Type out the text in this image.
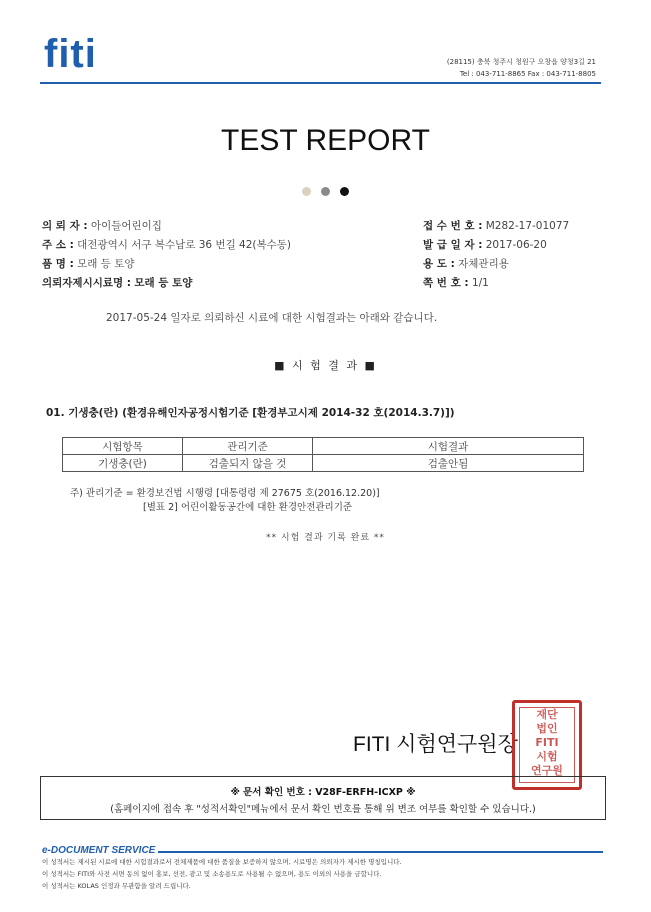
fiti	(28115) 충북 청주시 청원구 오창읍 양청3길 21
Tel : 043-711-8865 Fax : 043-711-8805
TEST REPORT
의 뢰 자 : 아이들어린이집
주 소 : 대전광역시 서구 복수남로 36 번길 42(복수동)
품 명 : 모래 등 토양
의뢰자제시시료명 : 모래 등 토양
접 수 번 호 : M282-17-01077
발 급 일 자 : 2017-06-20
용 도 : 자체관리용
쪽 번 호 : 1/1
2017-05-24 일자로 의뢰하신 시료에 대한 시험결과는 아래와 같습니다.
■ 시 험 결 과 ■
01. 기생충(란) (환경유해인자공정시험기준 [환경부고시제 2014-32 호(2014.3.7)])
시험항목	관리기준	시험결과
기생충(란)	검출되지 않을 것	검출안됨
주) 관리기준 = 환경보건법 시행령 [대통령령 제 27675 호(2016.12.20)]
[별표 2] 어린이활동공간에 대한 환경안전관리기준
** 시험 결과 기록 완료 **
FITI 시험연구원장
재단
법인
FITI
시험
연구원
※ 문서 확인 번호 : V28F-ERFH-ICXP ※
(홈페이지에 접속 후 "성적서확인"메뉴에서 문서 확인 번호를 통해 위 변조 여부를 확인할 수 있습니다.)
e-DOCUMENT SERVICE
이 성적서는 제시된 시료에 대한 시험결과로서 전체제품에 대한 품질을 보증하지 않으며, 시료명은 의뢰자가 제시한 명칭입니다.
이 성적서는 FITI와 사전 서면 동의 없이 홍보, 선전, 광고 및 소송용도로 사용될 수 없으며, 용도 이외의 사용을 금합니다.
이 성적서는 KOLAS 인정과 무관함을 알려 드립니다.
